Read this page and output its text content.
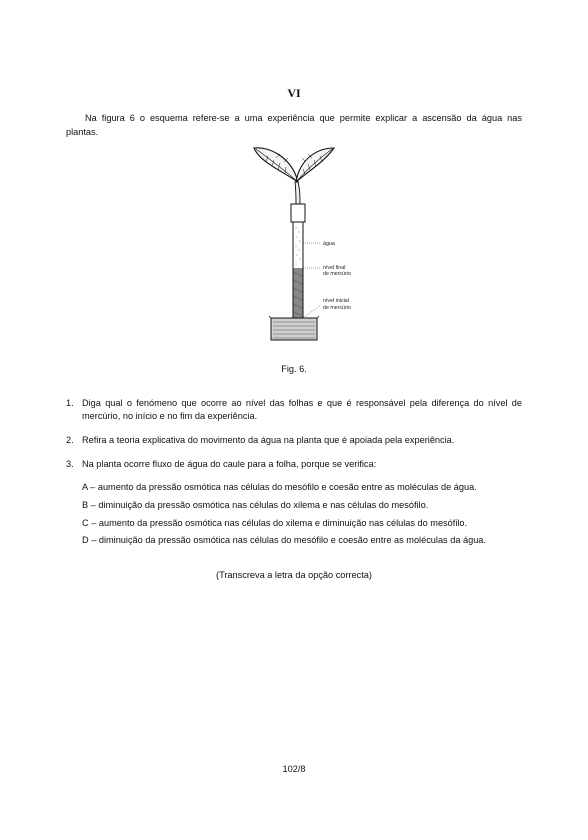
VI

Na figura 6 o esquema refere-se a uma experiência que permite explicar a ascensão da água nas plantas.

água
nível final
de mercúrio
nível inicial
de mercúrio
Fig. 6.
1. Diga qual o fenómeno que ocorre ao nível das folhas e que é responsável pela diferença do nível de mercúrio, no início e no fim da experiência.
2. Refira a teoria explicativa do movimento da água na planta que é apoiada pela experiência.
3. Na planta ocorre fluxo de água do caule para a folha, porque se verifica:
A – aumento da pressão osmótica nas células do mesófilo e coesão entre as moléculas de água.
B – diminuição da pressão osmótica nas células do xilema e nas células do mesófilo.
C – aumento da pressão osmótica nas células do xilema e diminuição nas células do mesófilo.
D – diminuição da pressão osmótica nas células do mesófilo e coesão entre as moléculas da água.
(Transcreva a letra da opção correcta)
102/8
